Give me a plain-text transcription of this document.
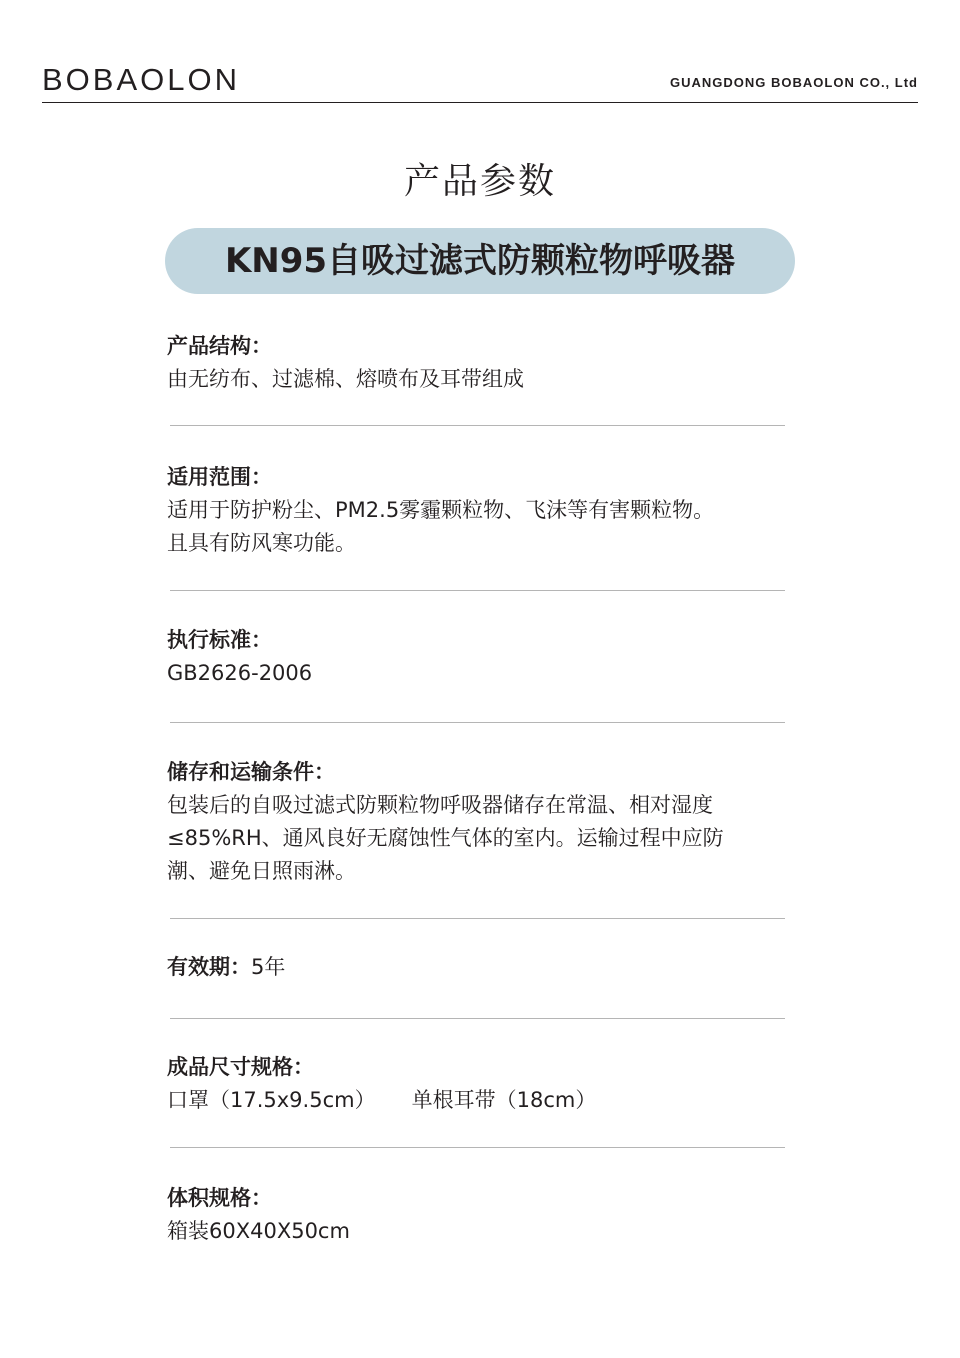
BOBAOLON	GUANGDONG BOBAOLON CO., Ltd
产品参数
KN95自吸过滤式防颗粒物呼吸器
产品结构：
由无纺布、过滤棉、熔喷布及耳带组成
适用范围：
适用于防护粉尘、PM2.5雾霾颗粒物、飞沫等有害颗粒物。
且具有防风寒功能。
执行标准：
GB2626-2006
储存和运输条件：
包装后的自吸过滤式防颗粒物呼吸器储存在常温、相对湿度
≤85%RH、通风良好无腐蚀性气体的室内。运输过程中应防
潮、避免日照雨淋。
有效期：5年
成品尺寸规格：
口罩（17.5x9.5cm） 单根耳带（18cm）
体积规格：
箱装60X40X50cm
